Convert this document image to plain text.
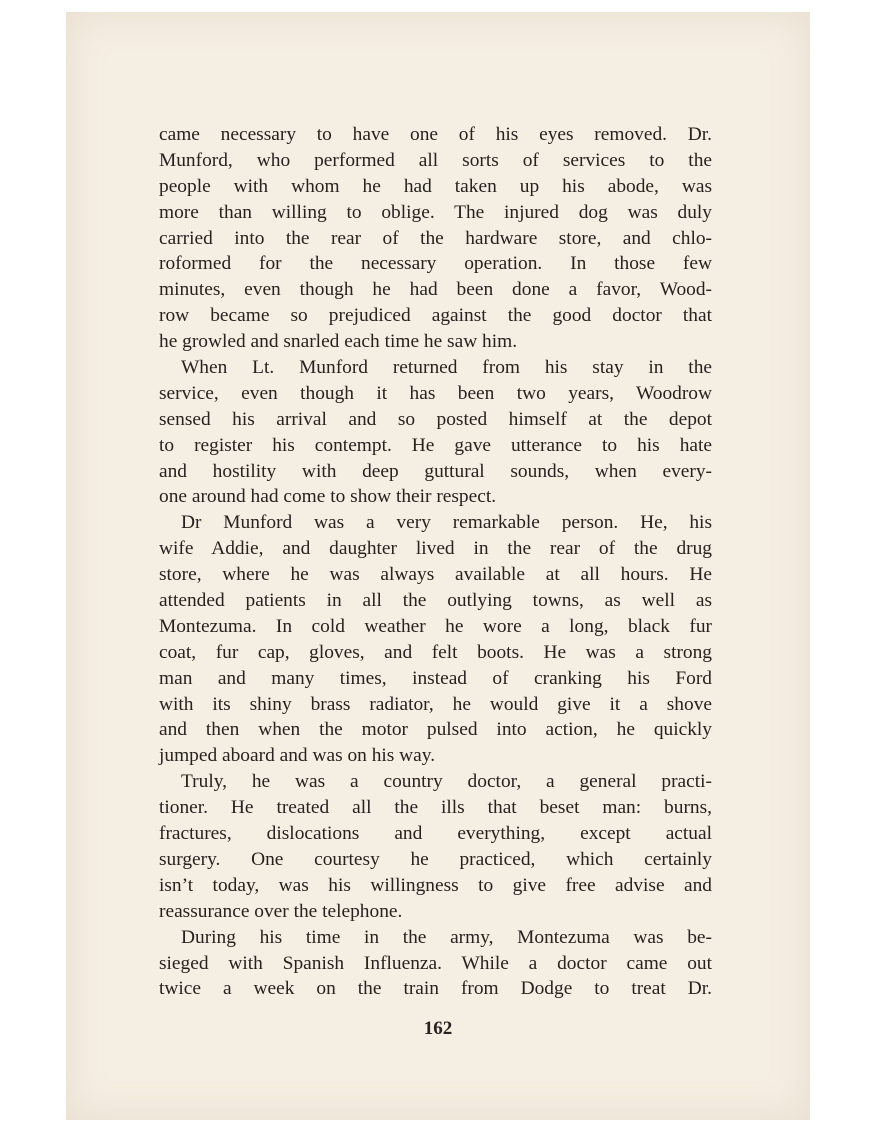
came necessary to have one of his eyes removed. Dr.
Munford, who performed all sorts of services to the
people with whom he had taken up his abode, was
more than willing to oblige. The injured dog was duly
carried into the rear of the hardware store, and chlo-
roformed for the necessary operation. In those few
minutes, even though he had been done a favor, Wood-
row became so prejudiced against the good doctor that
he growled and snarled each time he saw him.

When Lt. Munford returned from his stay in the
service, even though it has been two years, Woodrow
sensed his arrival and so posted himself at the depot
to register his contempt. He gave utterance to his hate
and hostility with deep guttural sounds, when every-
one around had come to show their respect.

Dr Munford was a very remarkable person. He, his
wife Addie, and daughter lived in the rear of the drug
store, where he was always available at all hours. He
attended patients in all the outlying towns, as well as
Montezuma. In cold weather he wore a long, black fur
coat, fur cap, gloves, and felt boots. He was a strong
man and many times, instead of cranking his Ford
with its shiny brass radiator, he would give it a shove
and then when the motor pulsed into action, he quickly
jumped aboard and was on his way.

Truly, he was a country doctor, a general practi-
tioner. He treated all the ills that beset man: burns,
fractures, dislocations and everything, except actual
surgery. One courtesy he practiced, which certainly
isn’t today, was his willingness to give free advise and
reassurance over the telephone.

During his time in the army, Montezuma was be-
sieged with Spanish Influenza. While a doctor came out
twice a week on the train from Dodge to treat Dr.

162
